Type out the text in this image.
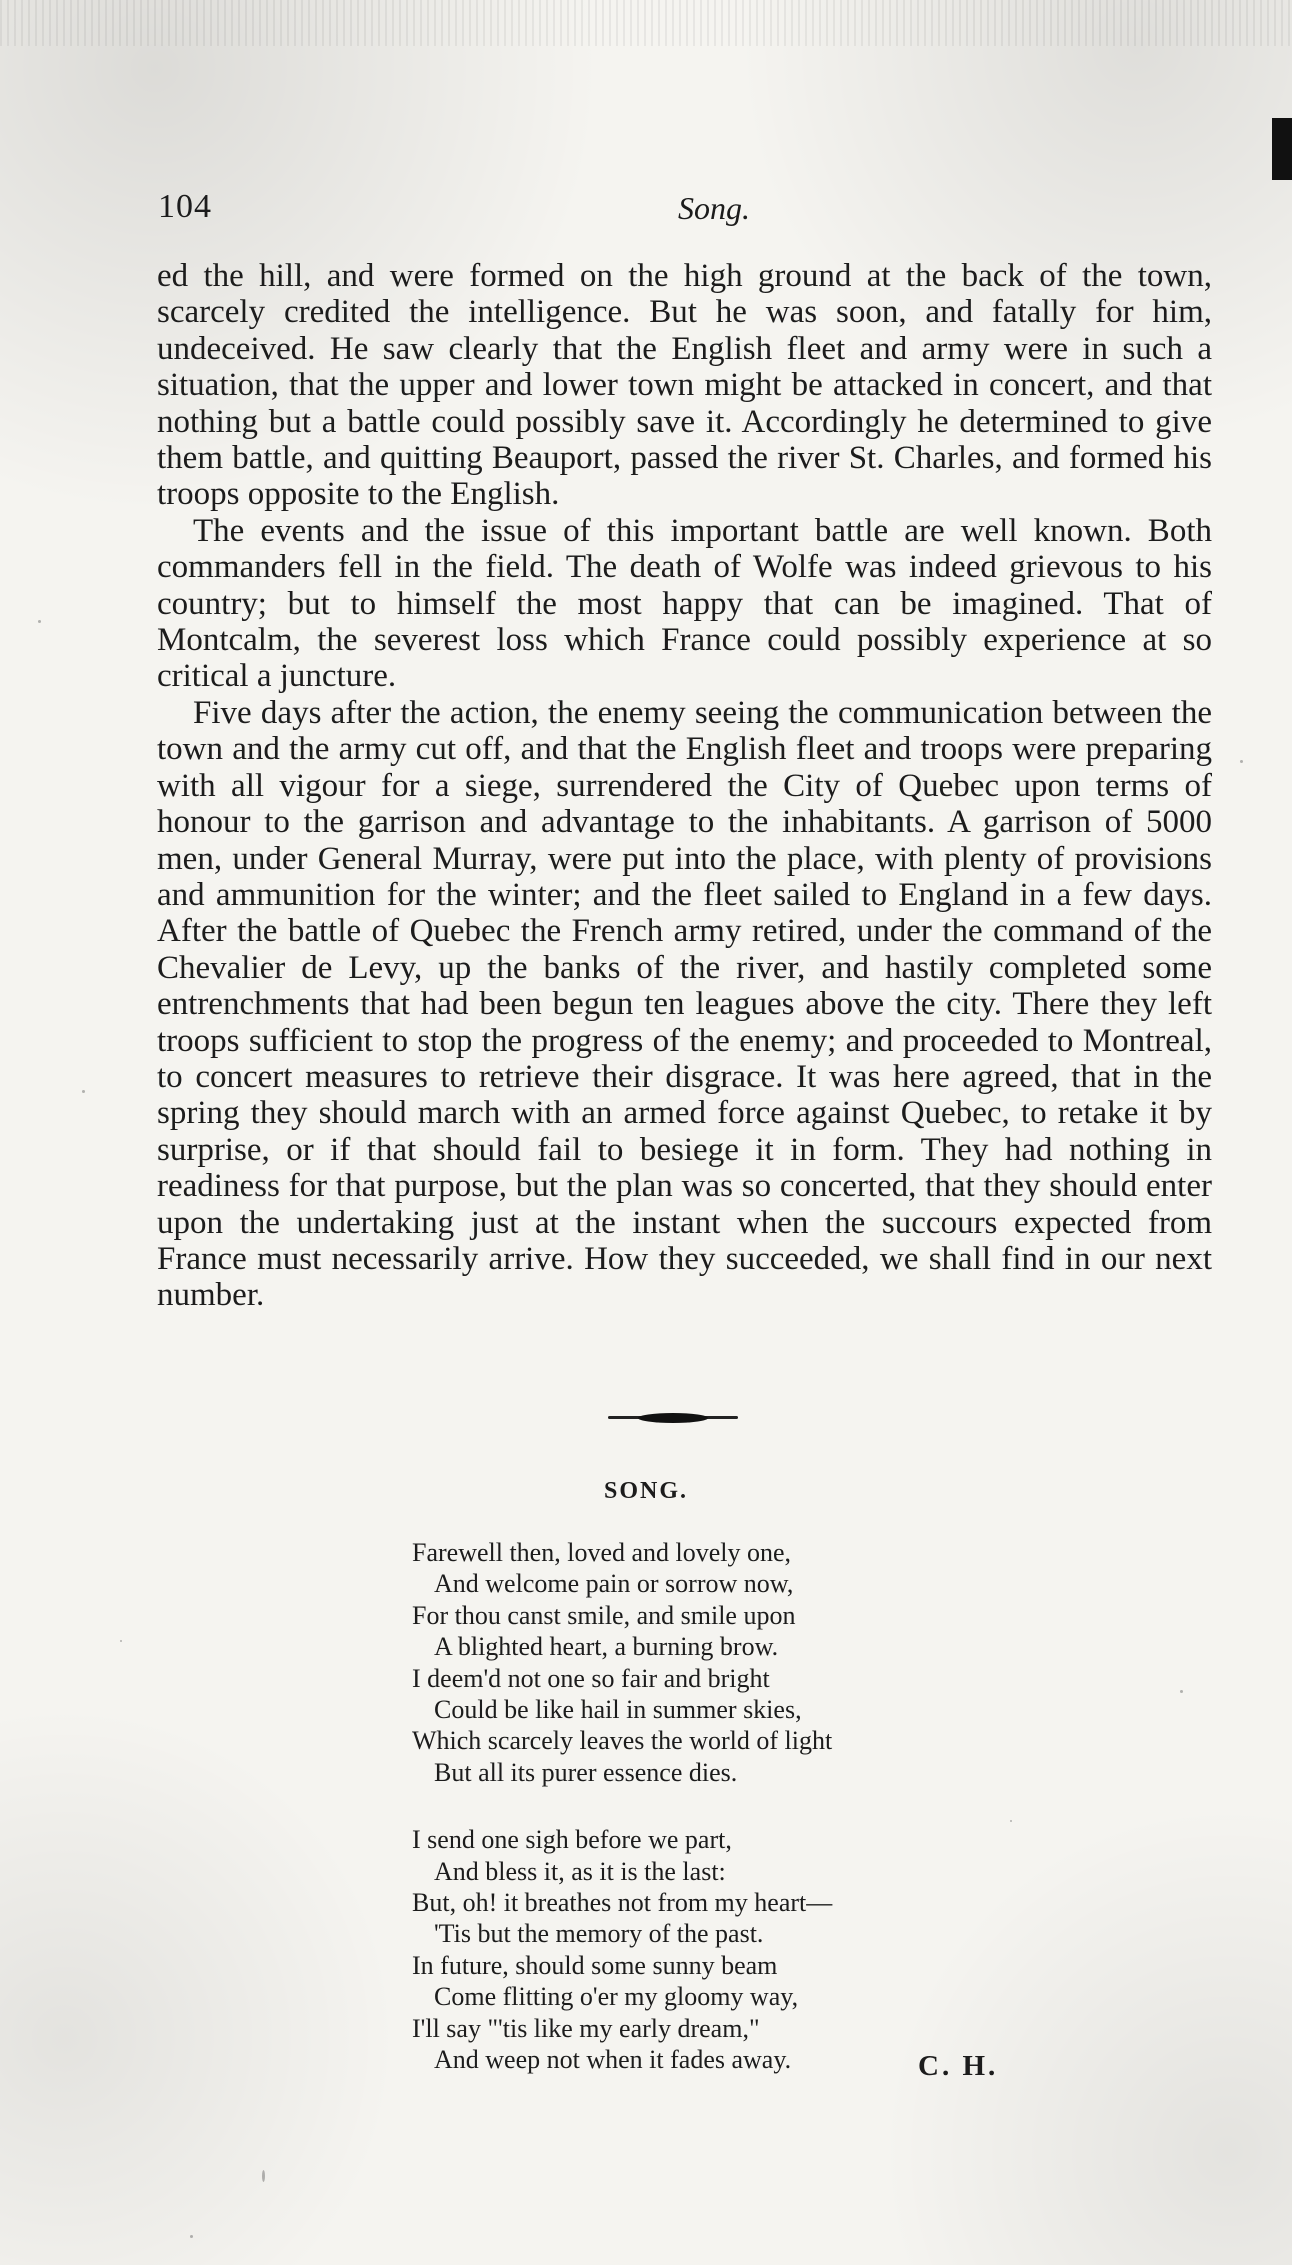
104	Song.

ed the hill, and were formed on the high ground at the back of the town, scarcely credited the intelligence. But he was soon, and fatally for him, undeceived. He saw clearly that the English fleet and army were in such a situation, that the upper and lower town might be attacked in concert, and that nothing but a battle could possibly save it. Accordingly he determined to give them battle, and quitting Beauport, passed the river St. Charles, and formed his troops opposite to the English.

The events and the issue of this important battle are well known. Both commanders fell in the field. The death of Wolfe was indeed grievous to his country; but to himself the most happy that can be imagined. That of Montcalm, the severest loss which France could possibly experience at so critical a juncture.

Five days after the action, the enemy seeing the communication between the town and the army cut off, and that the English fleet and troops were preparing with all vigour for a siege, surrendered the City of Quebec upon terms of honour to the garrison and advantage to the inhabitants. A garrison of 5000 men, under General Murray, were put into the place, with plenty of provisions and ammunition for the winter; and the fleet sailed to England in a few days. After the battle of Quebec the French army retired, under the command of the Chevalier de Levy, up the banks of the river, and hastily completed some entrenchments that had been begun ten leagues above the city. There they left troops sufficient to stop the progress of the enemy; and proceeded to Montreal, to concert measures to retrieve their disgrace. It was here agreed, that in the spring they should march with an armed force against Quebec, to retake it by surprise, or if that should fail to besiege it in form. They had nothing in readiness for that purpose, but the plan was so concerted, that they should enter upon the undertaking just at the instant when the succours expected from France must necessarily arrive. How they succeeded, we shall find in our next number.

SONG.
Farewell then, loved and lovely one,
And welcome pain or sorrow now,
For thou canst smile, and smile upon
A blighted heart, a burning brow.
I deem'd not one so fair and bright
Could be like hail in summer skies,
Which scarcely leaves the world of light
But all its purer essence dies.
I send one sigh before we part,
And bless it, as it is the last:
But, oh! it breathes not from my heart—
'Tis but the memory of the past.
In future, should some sunny beam
Come flitting o'er my gloomy way,
I'll say "'tis like my early dream,"
And weep not when it fades away.	C. H.
